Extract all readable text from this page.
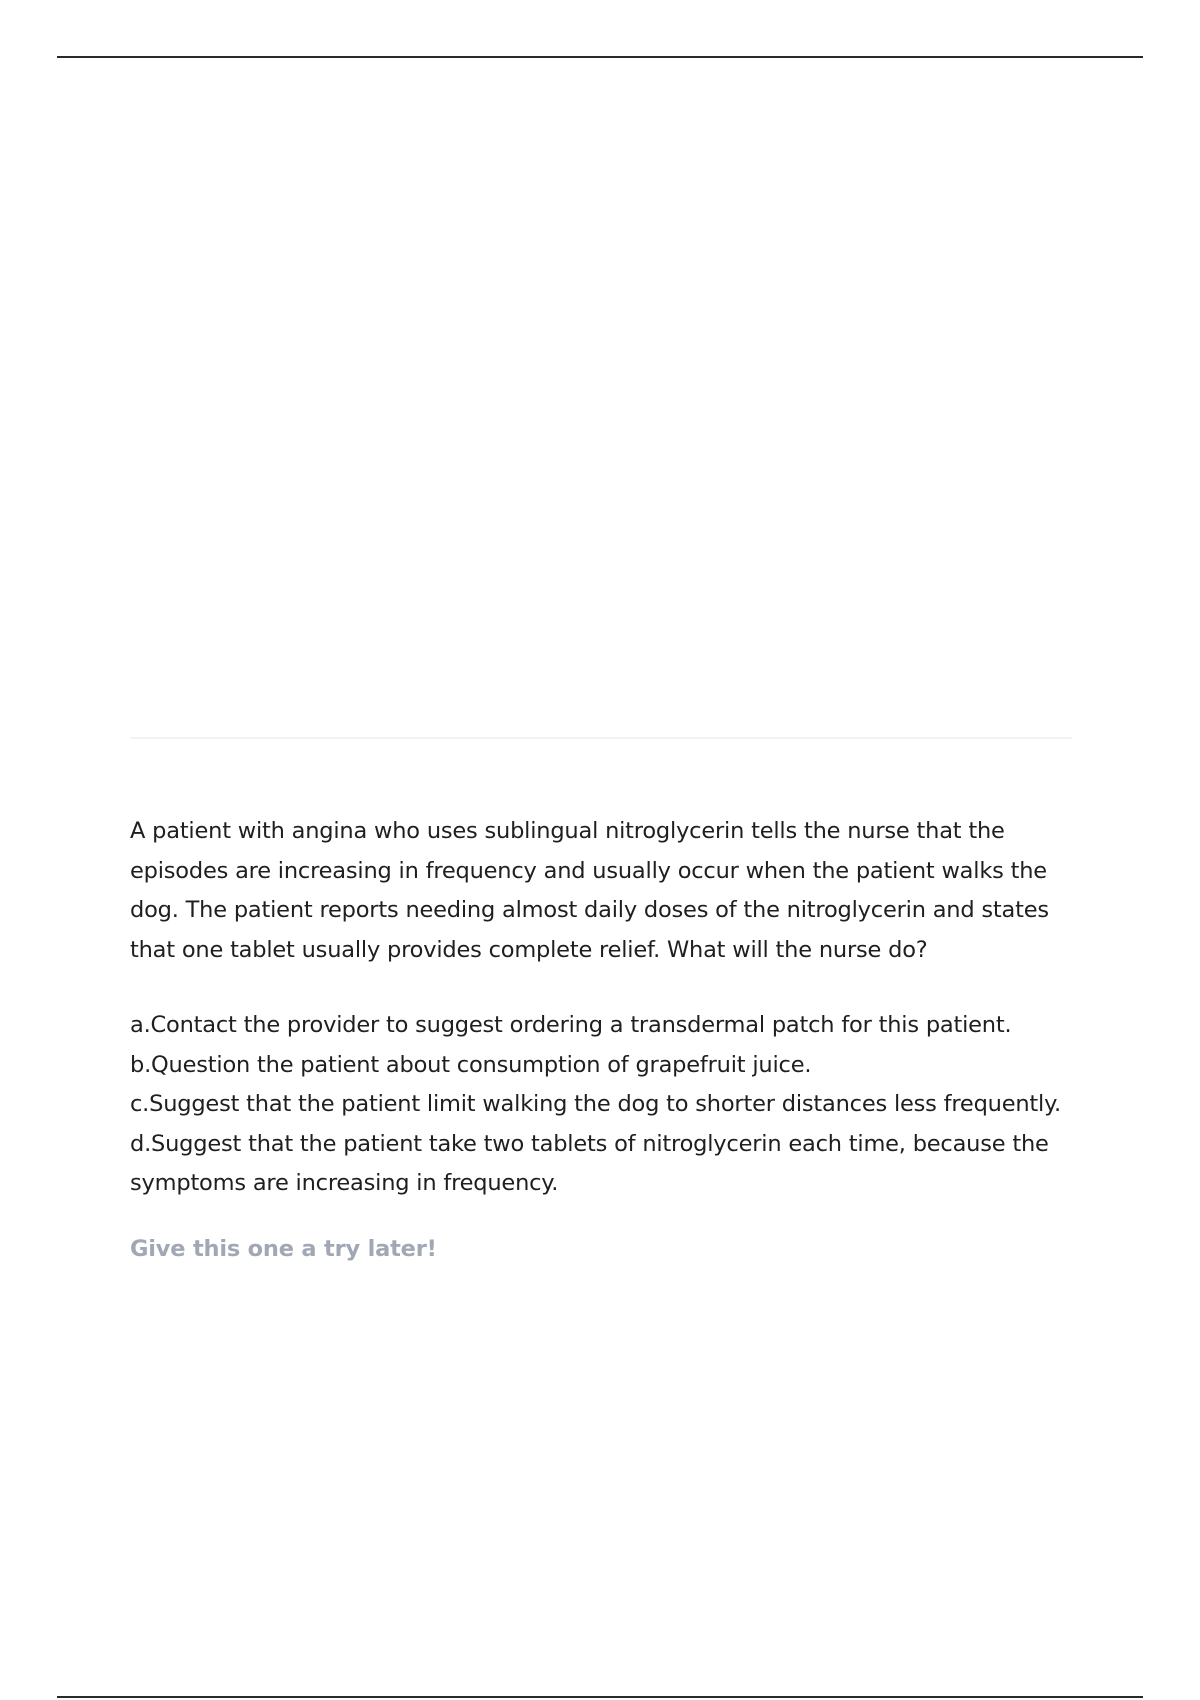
A patient with angina who uses sublingual nitroglycerin tells the nurse that the episodes are increasing in frequency and usually occur when the patient walks the dog. The patient reports needing almost daily doses of the nitroglycerin and states that one tablet usually provides complete relief. What will the nurse do?

a.Contact the provider to suggest ordering a transdermal patch for this patient.
b.Question the patient about consumption of grapefruit juice.
c.Suggest that the patient limit walking the dog to shorter distances less frequently.
d.Suggest that the patient take two tablets of nitroglycerin each time, because the symptoms are increasing in frequency.
Give this one a try later!
